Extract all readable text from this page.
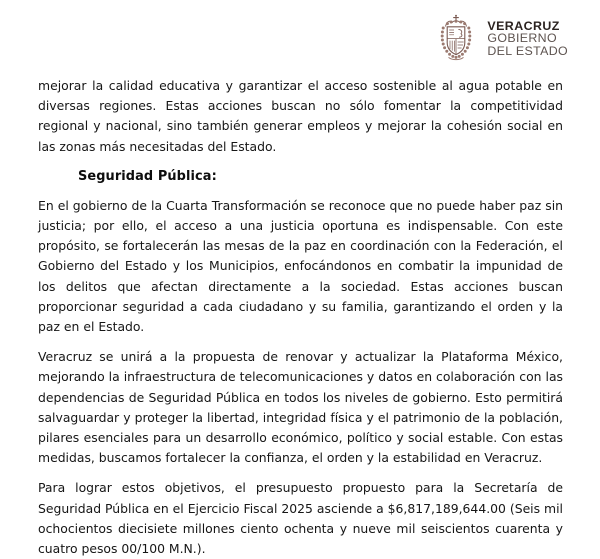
VERACRUZ
GOBIERNO
DEL ESTADO

mejorar la calidad educativa y garantizar el acceso sostenible al agua potable en diversas regiones. Estas acciones buscan no sólo fomentar la competitividad regional y nacional, sino también generar empleos y mejorar la cohesión social en las zonas más necesitadas del Estado.

Seguridad Pública:

En el gobierno de la Cuarta Transformación se reconoce que no puede haber paz sin justicia; por ello, el acceso a una justicia oportuna es indispensable. Con este propósito, se fortalecerán las mesas de la paz en coordinación con la Federación, el Gobierno del Estado y los Municipios, enfocándonos en combatir la impunidad de los delitos que afectan directamente a la sociedad. Estas acciones buscan proporcionar seguridad a cada ciudadano y su familia, garantizando el orden y la paz en el Estado.

Veracruz se unirá a la propuesta de renovar y actualizar la Plataforma México, mejorando la infraestructura de telecomunicaciones y datos en colaboración con las dependencias de Seguridad Pública en todos los niveles de gobierno. Esto permitirá salvaguardar y proteger la libertad, integridad física y el patrimonio de la población, pilares esenciales para un desarrollo económico, político y social estable. Con estas medidas, buscamos fortalecer la confianza, el orden y la estabilidad en Veracruz.

Para lograr estos objetivos, el presupuesto propuesto para la Secretaría de Seguridad Pública en el Ejercicio Fiscal 2025 asciende a $6,817,189,644.00 (Seis mil ochocientos diecisiete millones ciento ochenta y nueve mil seiscientos cuarenta y cuatro pesos 00/100 M.N.).
